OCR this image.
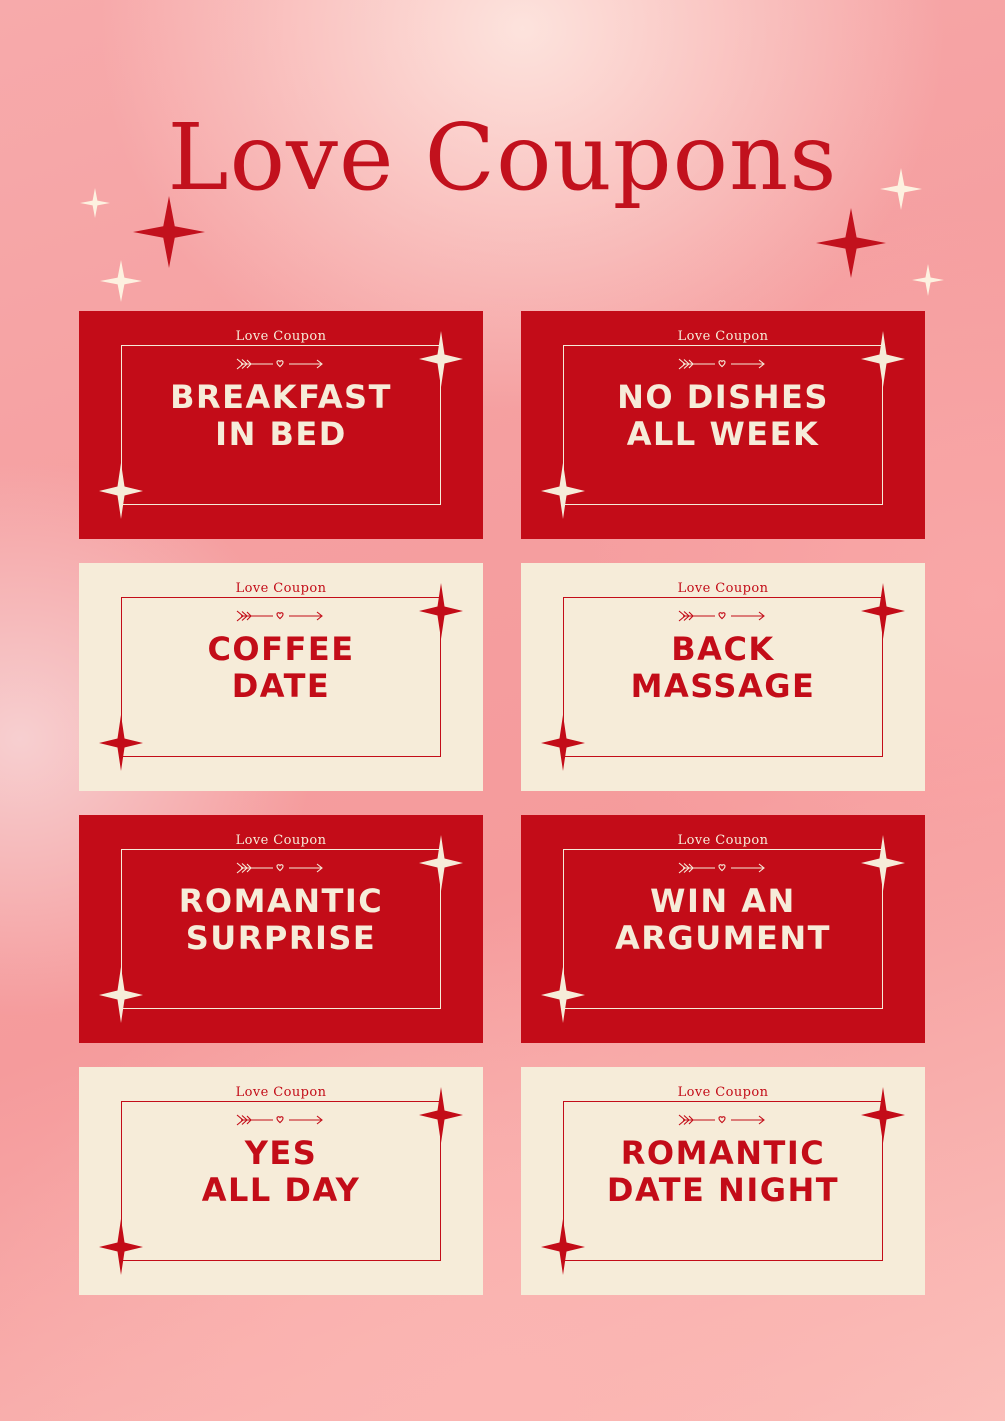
Love Coupons
Love Coupon
BREAKFAST
IN BED
Love Coupon
NO DISHES
ALL WEEK
Love Coupon
COFFEE
DATE
Love Coupon
BACK
MASSAGE
Love Coupon
ROMANTIC
SURPRISE
Love Coupon
WIN AN
ARGUMENT
Love Coupon
YES
ALL DAY
Love Coupon
ROMANTIC
DATE NIGHT
